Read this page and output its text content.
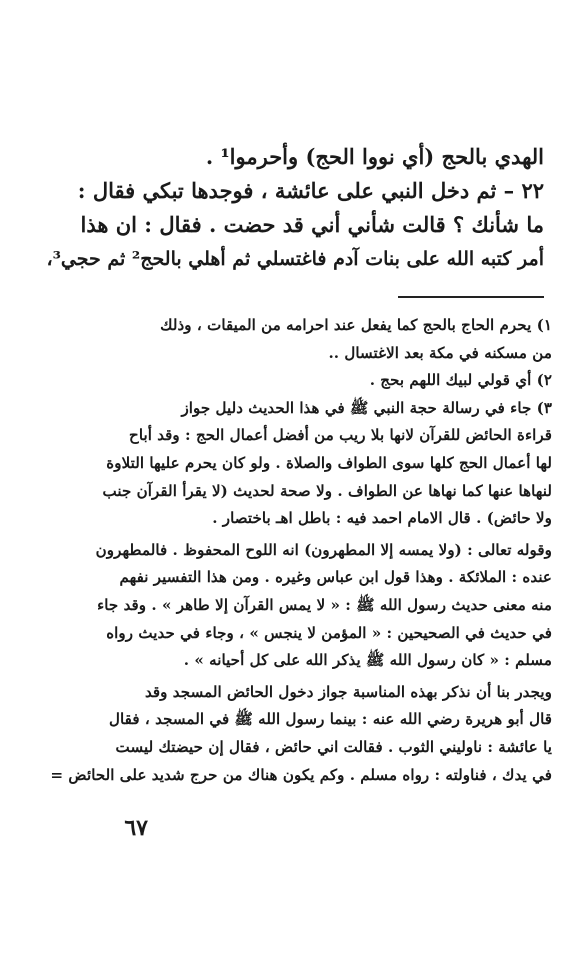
الهدي بالحج (أي نووا الحج) وأحرموا¹ .

٢٢ – ثم دخل النبي على عائشة ، فوجدها تبكي فقال :

ما شأنك ؟ قالت شأني أني قد حضت . فقال : ان هذا

أمر كتبه الله على بنات آدم فاغتسلي ثم أهلي بالحج² ثم حجي³،

١) يحرم الحاج بالحج كما يفعل عند احرامه من الميقات ، وذلك

من مسكنه في مكة بعد الاغتسال ..

٢) أي قولي لبيك اللهم بحج .

٣) جاء في رسالة حجة النبي ﷺ في هذا الحديث دليل جواز

قراءة الحائض للقرآن لانها بلا ريب من أفضل أعمال الحج : وقد أباح

لها أعمال الحج كلها سوى الطواف والصلاة . ولو كان يحرم عليها التلاوة

لنهاها عنها كما نهاها عن الطواف . ولا صحة لحديث (لا يقرأ القرآن جنب

ولا حائض) . قال الامام احمد فيه : باطل اهـ باختصار .

وقوله تعالى : (ولا يمسه إلا المطهرون) انه اللوح المحفوظ . فالمطهرون

عنده : الملائكة . وهذا قول ابن عباس وغيره . ومن هذا التفسير نفهم

منه معنى حديث رسول الله ﷺ : « لا يمس القرآن إلا طاهر » . وقد جاء

في حديث في الصحيحين : « المؤمن لا ينجس » ، وجاء في حديث رواه

مسلم : « كان رسول الله ﷺ يذكر الله على كل أحيانه » .

ويجدر بنا أن نذكر بهذه المناسبة جواز دخول الحائض المسجد وقد

قال أبو هريرة رضي الله عنه : بينما رسول الله ﷺ في المسجد ، فقال

يا عائشة : ناوليني الثوب . فقالت اني حائض ، فقال إن حيضتك ليست

في يدك ، فناولته : رواه مسلم . وكم يكون هناك من حرج شديد على الحائض =

٦٧
